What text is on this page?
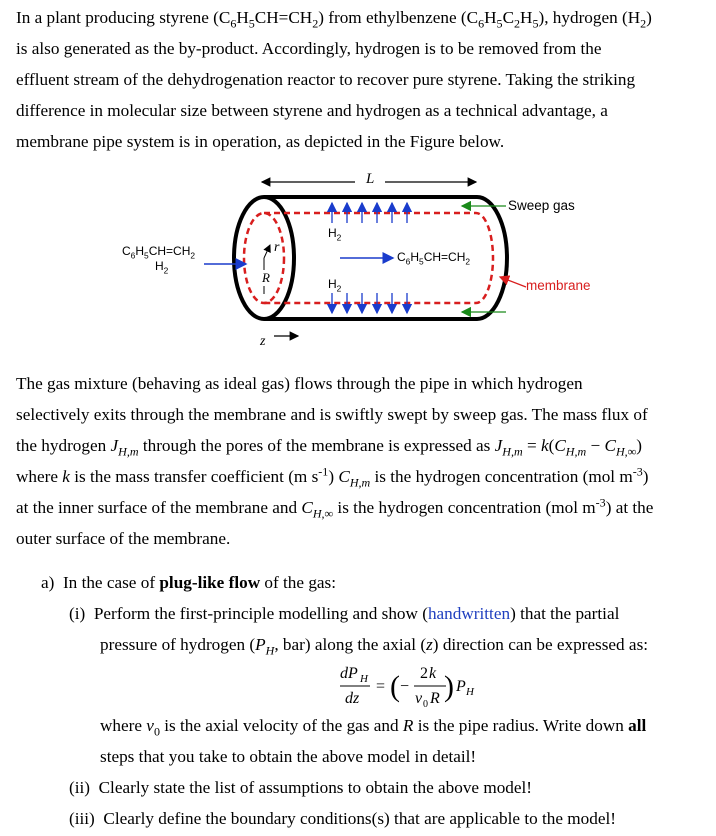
In a plant producing styrene $(C_6H_5CH=CH_2)$ from ethylbenzene $(C_6H_5C_2H_5)$, hydrogen $(H_2)$

is also generated as the by-product. Accordingly, hydrogen is to be removed from the

effluent stream of the dehydrogenation reactor to recover pure styrene. Taking the striking

difference in molecular size between styrene and hydrogen as a technical advantage, a

membrane pipe system is in operation, as depicted in the Figure below.

L
Sweep gas
membrane
$C_6H_5CH=CH_2$
$H_2$
$H_2$
$H_2$
$C_6H_5CH=CH_2$
r
R
z

The gas mixture (behaving as ideal gas) flows through the pipe in which hydrogen

selectively exits through the membrane and is swiftly swept by sweep gas. The mass flux of

the hydrogen $J_{H,m}$ through the pores of the membrane is expressed as $J_{H,m} = k(C_{H,m} - C_{H,\infty})$

where k is the mass transfer coefficient (m $s^{-1}$) $C_{H,m}$ is the hydrogen concentration (mol $m^{-3}$)

at the inner surface of the membrane and $C_{H,\infty}$ is the hydrogen concentration (mol $m^{-3}$) at the

outer surface of the membrane.

a) In the case of plug-like flow of the gas:

(i) Perform the first-principle modelling and show (handwritten) that the partial

pressure of hydrogen ($P_H$, bar) along the axial (z) direction can be expressed as:

dP H
dz
= ( −
2 k
v 0 R ) P H

where $v_0$ is the axial velocity of the gas and R is the pipe radius. Write down all

steps that you take to obtain the above model in detail!

(ii) Clearly state the list of assumptions to obtain the above model!

(iii) Clearly define the boundary conditions(s) that are applicable to the model!
